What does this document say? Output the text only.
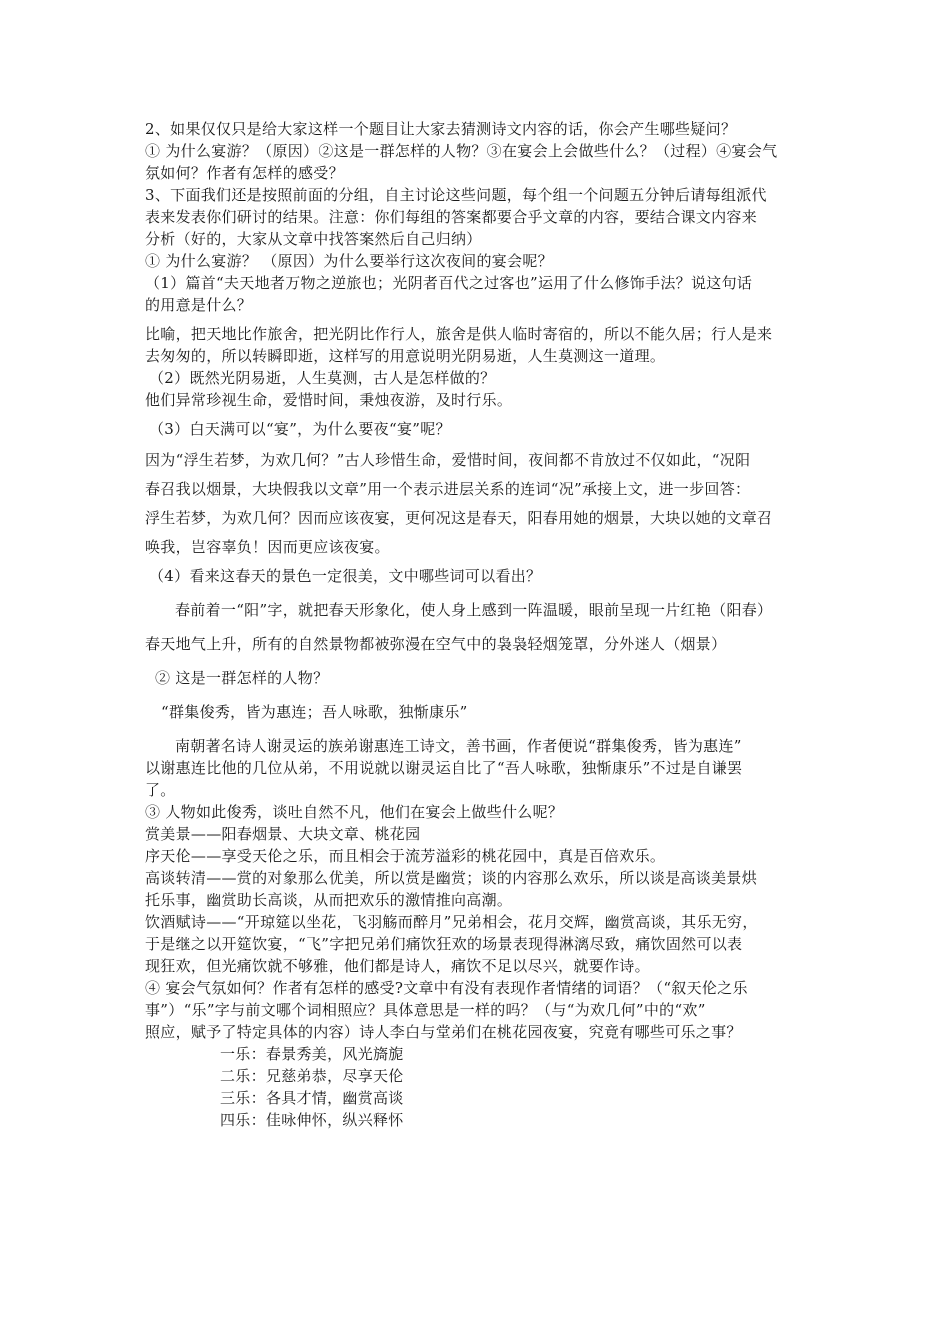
2、如果仅仅只是给大家这样一个题目让大家去猜测诗文内容的话，你会产生哪些疑问？
① 为什么宴游？（原因）②这是一群怎样的人物？③在宴会上会做些什么？（过程）④宴会气
氛如何？作者有怎样的感受？
3、下面我们还是按照前面的分组，自主讨论这些问题，每个组一个问题五分钟后请每组派代
表来发表你们研讨的结果。注意：你们每组的答案都要合乎文章的内容，要结合课文内容来
分析（好的，大家从文章中找答案然后自己归纳）
① 为什么宴游？ （原因）为什么要举行这次夜间的宴会呢？
（1）篇首“夫天地者万物之逆旅也；光阴者百代之过客也”运用了什么修饰手法？说这句话
的用意是什么？
比喻，把天地比作旅舍，把光阴比作行人，旅舍是供人临时寄宿的，所以不能久居；行人是来
去匆匆的，所以转瞬即逝，这样写的用意说明光阴易逝，人生莫测这一道理。
（2）既然光阴易逝，人生莫测，古人是怎样做的？
他们异常珍视生命，爱惜时间，秉烛夜游，及时行乐。
（3）白天满可以“宴”，为什么要夜“宴”呢？
因为“浮生若梦，为欢几何？”古人珍惜生命，爱惜时间，夜间都不肯放过不仅如此，“况阳
春召我以烟景，大块假我以文章”用一个表示进层关系的连词“况”承接上文，进一步回答：
浮生若梦，为欢几何？因而应该夜宴，更何况这是春天，阳春用她的烟景，大块以她的文章召
唤我，岂容辜负！因而更应该夜宴。
（4）看来这春天的景色一定很美，文中哪些词可以看出？
春前着一“阳”字，就把春天形象化，使人身上感到一阵温暖，眼前呈现一片红艳（阳春）
春天地气上升，所有的自然景物都被弥漫在空气中的袅袅轻烟笼罩，分外迷人（烟景）
② 这是一群怎样的人物？
“群集俊秀，皆为惠连；吾人咏歌，独惭康乐”
南朝著名诗人谢灵运的族弟谢惠连工诗文，善书画，作者便说“群集俊秀，皆为惠连”
以谢惠连比他的几位从弟，不用说就以谢灵运自比了“吾人咏歌，独惭康乐”不过是自谦罢
了。
③ 人物如此俊秀，谈吐自然不凡，他们在宴会上做些什么呢？
赏美景——阳春烟景、大块文章、桃花园
序天伦——享受天伦之乐，而且相会于流芳溢彩的桃花园中，真是百倍欢乐。
高谈转清——赏的对象那么优美，所以赏是幽赏；谈的内容那么欢乐，所以谈是高谈美景烘
托乐事，幽赏助长高谈，从而把欢乐的激情推向高潮。
饮酒赋诗——“开琼筵以坐花，飞羽觞而醉月”兄弟相会，花月交辉，幽赏高谈，其乐无穷，
于是继之以开筵饮宴，“飞”字把兄弟们痛饮狂欢的场景表现得淋漓尽致，痛饮固然可以表
现狂欢，但光痛饮就不够雅，他们都是诗人，痛饮不足以尽兴，就要作诗。
④ 宴会气氛如何？作者有怎样的感受?文章中有没有表现作者情绪的词语？（“叙天伦之乐
事”）“乐”字与前文哪个词相照应？具体意思是一样的吗？（与“为欢几何”中的“欢”
照应，赋予了特定具体的内容）诗人李白与堂弟们在桃花园夜宴，究竟有哪些可乐之事？
一乐：春景秀美，风光旖旎
二乐：兄慈弟恭，尽享天伦
三乐：各具才情，幽赏高谈
四乐：佳咏伸怀，纵兴释怀
